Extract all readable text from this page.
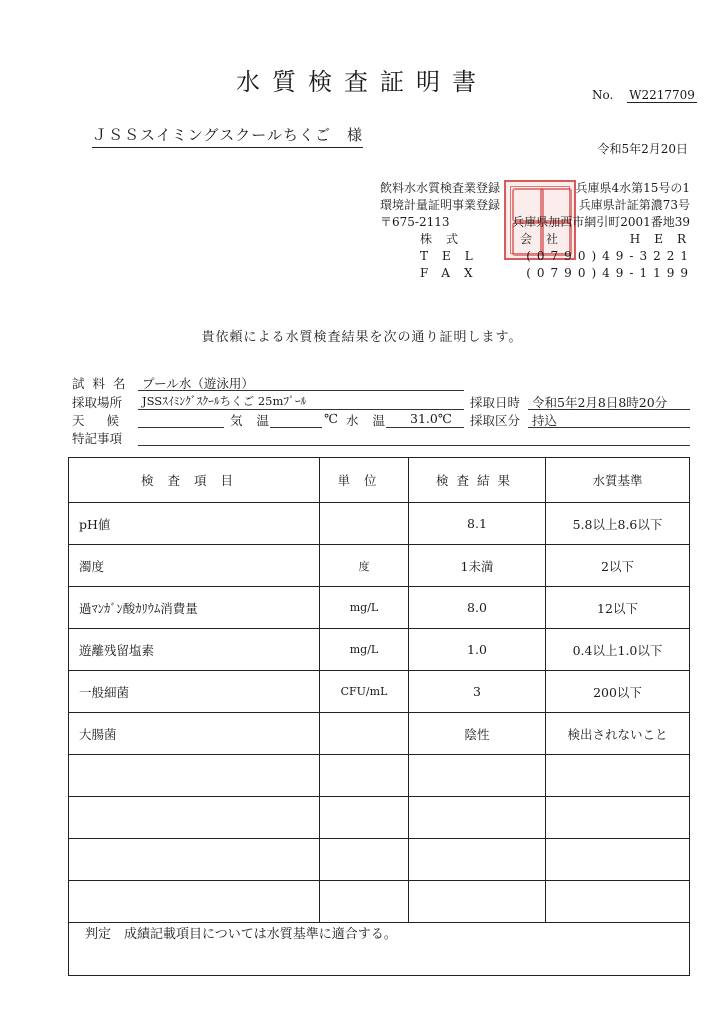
水質検査証明書	No. W2217709
ＪＳＳスイミングスクールちくご　様
令和5年2月20日
飲料水水質検査業登録	兵庫県4水第15号の1
環境計量証明事業登録	兵庫県計証第濃73号
〒675-2113	兵庫県加西市網引町2001番地39
株式	会社	HER
TEL	(0790)49-3221
FAX	(0790)49-1199
貴依頼による水質検査結果を次の通り証明します。
試料名 プール水（遊泳用）
採取場所 JSSｽｲﾐﾝｸﾞｽｸｰﾙちくご 25mﾌﾟｰﾙ	採取日時 令和5年2月8日8時20分
天候	気温	℃ 水温 31.0℃ 採取区分 持込
特記事項
検査項目	単位	検査結果	水質基準
pH値		8.1	5.8以上8.6以下
濁度	度	1未満	2以下
過ﾏﾝｶﾞﾝ酸ｶﾘｳﾑ消費量	mg/L	8.0	12以下
遊離残留塩素	mg/L	1.0	0.4以上1.0以下
一般細菌	CFU/mL	3	200以下
大腸菌		陰性	検出されないこと

判定　成績記載項目については水質基準に適合する。
